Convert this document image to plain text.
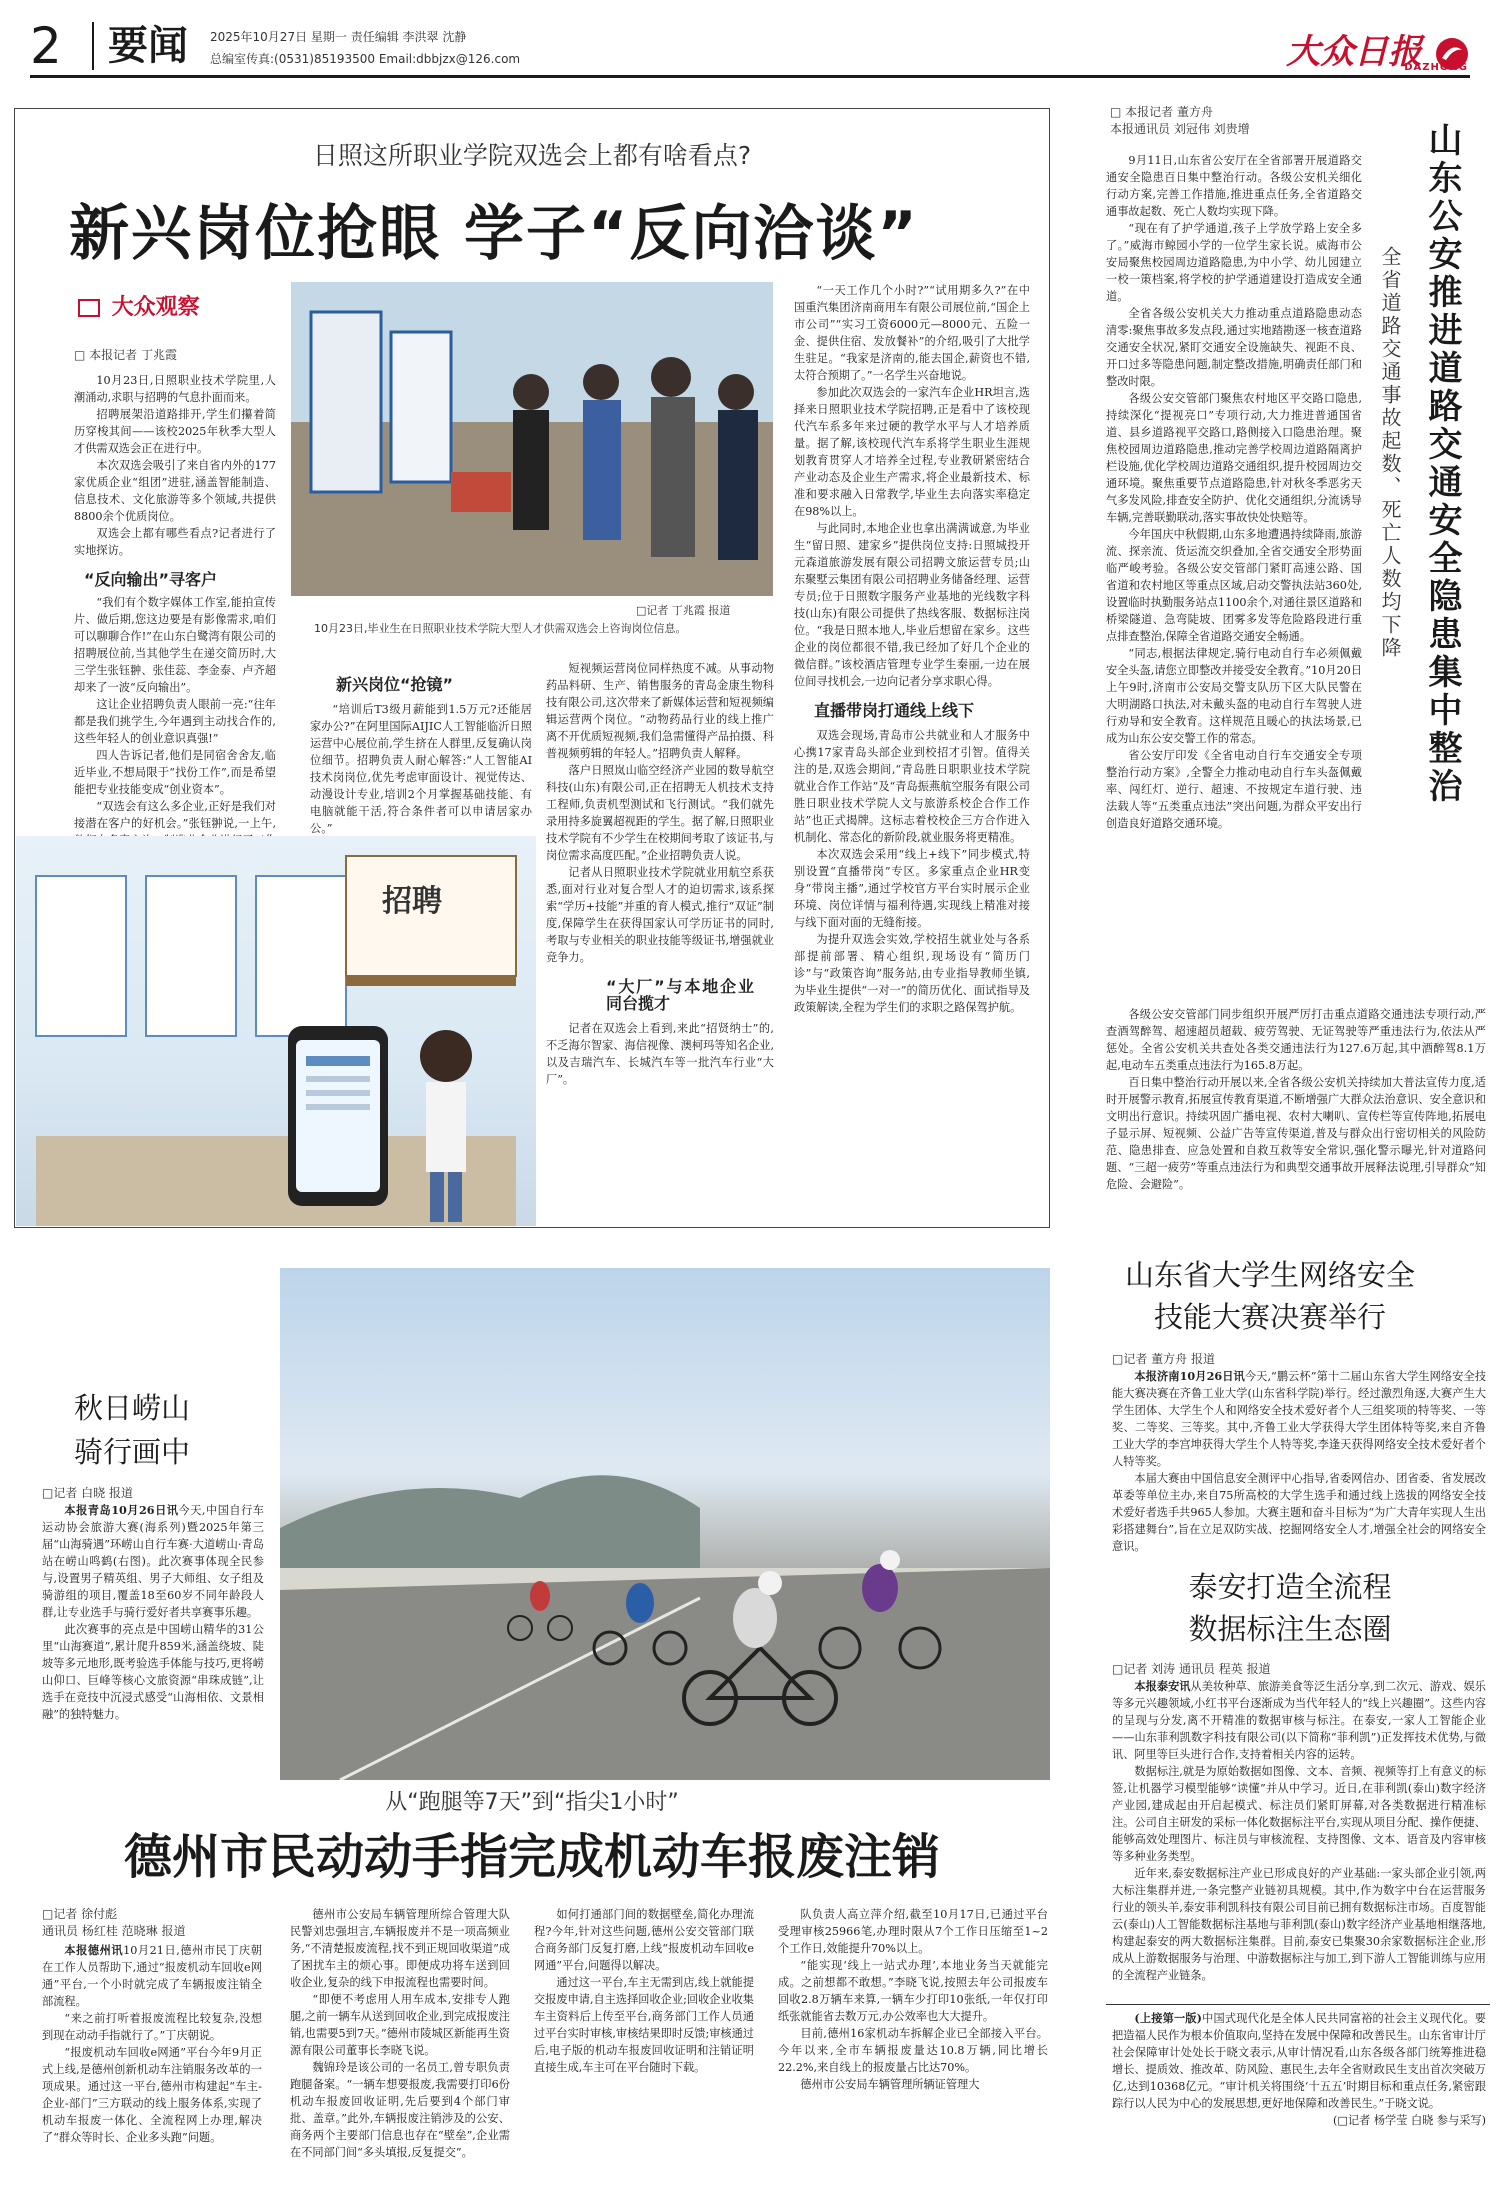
2	要闻 2025年10月27日 星期一 责任编辑 李洪翠 沈静
总编室传真:(0531)85193500 Email:dbbjzx@126.com	大众日报
DAZHONG
日照这所职业学院双选会上都有啥看点?
新兴岗位抢眼 学子“反向洽谈”
大众观察
□ 本报记者 丁兆霞

10月23日,日照职业技术学院里,人潮涌动,求职与招聘的气息扑面而来。

招聘展架沿道路排开,学生们攥着简历穿梭其间——该校2025年秋季大型人才供需双选会正在进行中。

本次双选会吸引了来自省内外的177家优质企业“组团”进驻,涵盖智能制造、信息技术、文化旅游等多个领域,共提供8800余个优质岗位。

双选会上都有哪些看点?记者进行了实地探访。

“反向输出”寻客户

“我们有个数字媒体工作室,能拍宣传片、做后期,您这边要是有影像需求,咱们可以聊聊合作!”在山东白鹭湾有限公司的招聘展位前,当其他学生在递交简历时,大三学生张钰翀、张佳蕊、李金泰、卢齐超却来了一波“反向输出”。

这让企业招聘负责人眼前一亮:“往年都是我们挑学生,今年遇到主动找合作的,这些年轻人的创业意识真强!”

四人告诉记者,他们是同宿舍舍友,临近毕业,不想局限于“找份工作”,而是希望能把专业技能变成“创业资本”。

“双选会有这么多企业,正好是我们对接潜在客户的好机会。”张钰翀说,一上午,

□记者 丁兆霞 报道
10月23日,毕业生在日照职业技术学院大型人才供需双选会上咨询岗位信息。
招聘
新兴岗位“抢镜”

“培训后T3级月薪能到1.5万元?还能居家办公?”在阿里国际AIJIC人工智能临沂日照运营中心展位前,学生挤在人群里,反复确认岗位细节。招聘负责人耐心解答:“人工智能AI技术岗岗位,优先考虑审面设计、视觉传达、动漫设计专业,培训2个月掌握基础技能、有电脑就能干活,符合条件者可以申请居家办公。”

短视频运营岗位同样热度不减。从事动物药品料研、生产、销售服务的青岛金康生物科技有限公司,这次带来了新媒体运营和短视频编辑运营两个岗位。“动物药品行业的线上推广离不开优质短视频,我们急需懂得产品拍摄、科普视频剪辑的年轻人。”招聘负责人解释。

落户日照岚山临空经济产业园的数导航空科技(山东)有限公司,正在招聘无人机技术支持工程师,负责机型测试和飞行测试。“我们就先录用持多旋翼超视距的学生。据了解,日照职业技术学院有不少学生在校期间考取了该证书,与岗位需求高度匹配。”企业招聘负责人说。

记者从日照职业技术学院就业用航空系获悉,面对行业对复合型人才的迫切需求,该系探索“学历+技能”并重的育人模式,推行“双证”制度,保障学生在获得国家认可学历证书的同时,考取与专业相关的职业技能等级证书,增强就业竞争力。

“大厂”与本地企业同台揽才

记者在双选会上看到,来此“招贤纳士”的,不乏海尔智家、海信视像、澳柯玛等知名企业,以及吉瑞汽车、长城汽车等一批汽车行业“大厂”。

“一天工作几个小时?”“试用期多久?”在中国重汽集团济南商用车有限公司展位前,“国企上市公司”“实习工资6000元—8000元、五险一金、提供住宿、发放餐补”的介绍,吸引了大批学生驻足。“我家是济南的,能去国企,薪资也不错,太符合预期了。”一名学生兴奋地说。

参加此次双选会的一家汽车企业HR坦言,选择来日照职业技术学院招聘,正是看中了该校现代汽车系多年来过硬的教学水平与人才培养质量。据了解,该校现代汽车系将学生职业生涯规划教育贯穿人才培养全过程,专业教研紧密结合产业动态及企业生产需求,将企业最新技术、标准和要求融入日常教学,毕业生去向落实率稳定在98%以上。

与此同时,本地企业也拿出满满诚意,为毕业生“留日照、建家乡”提供岗位支持:日照城投开元森道旅游发展有限公司招聘文旅运营专员;山东聚墅云集团有限公司招聘业务储备经理、运营专员;位于日照数字服务产业基地的光线数字科技(山东)有限公司提供了热线客服、数据标注岗位。“我是日照本地人,毕业后想留在家乡。这些企业的岗位都很不错,我已经加了好几个企业的微信群。”该校酒店管理专业学生秦丽,一边在展位间寻找机会,一边向记者分享求职心得。

直播带岗打通线上线下

双选会现场,青岛市公共就业和人才服务中心携17家青岛头部企业到校招才引智。值得关注的是,双选会期间,“青岛胜日职职业技术学院就业合作工作站”及“青岛振燕航空服务有限公司胜日职业技术学院人文与旅游系校企合作工作站”也正式揭牌。这标志着校校企三方合作进入机制化、常态化的新阶段,就业服务将更精准。

本次双选会采用“线上+线下”同步模式,特别设置“直播带岗”专区。多家重点企业HR变身“带岗主播”,通过学校官方平台实时展示企业环境、岗位详情与福利待遇,实现线上精准对接与线下面对面的无缝衔接。

为提升双选会实效,学校招生就业处与各系部提前部署、精心组织,现场设有“简历门诊”与“政策咨询”服务站,由专业指导教师坐镇,为毕业生提供“一对一”的简历优化、面试指导及政策解读,全程为学生们的求职之路保驾护航。

□ 本报记者 董方舟
本报通讯员 刘冠伟 刘贵增	山东公安推进道路交通安全隐患集中整治
全省道路交通事故起数、死亡人数均下降

9月11日,山东省公安厅在全省部署开展道路交通安全隐患百日集中整治行动。各级公安机关细化行动方案,完善工作措施,推进重点任务,全省道路交通事故起数、死亡人数均实现下降。

“现在有了护学通道,孩子上学放学路上安全多了。”威海市鲸园小学的一位学生家长说。威海市公安局聚焦校园周边道路隐患,为中小学、幼儿园建立一校一策档案,将学校的护学通道建设打造成安全通道。

全省各级公安机关大力推动重点道路隐患动态清零:聚焦事故多发点段,通过实地踏勘逐一核查道路交通安全状况,紧盯交通安全设施缺失、视距不良、开口过多等隐患问题,制定整改措施,明确责任部门和整改时限。

各级公安交管部门聚焦农村地区平交路口隐患,持续深化“提视亮口”专项行动,大力推进普通国省道、县乡道路视平交路口,路侧接入口隐患治理。聚焦校园周边道路隐患,推动完善学校周边道路隔离护栏设施,优化学校周边道路交通组织,提升校园周边交通环境。聚焦重要节点道路隐患,针对秋冬季恶劣天气多发风险,排查安全防护、优化交通组织,分流诱导车辆,完善联勤联动,落实事故快处快赔等。

今年国庆中秋假期,山东多地遭遇持续降雨,旅游流、探亲流、货运流交织叠加,全省交通安全形势面临严峻考验。各级公安交管部门紧盯高速公路、国省道和农村地区等重点区域,启动交警执法站360处,设置临时执勤服务站点1100余个,对通往景区道路和桥梁隧道、急弯陡坡、团雾多发等危险路段进行重点排查整治,保障全省道路交通安全畅通。

“同志,根据法律规定,骑行电动自行车必须佩戴安全头盔,请您立即整改并接受安全教育。”10月20日上午9时,济南市公安局交警支队历下区大队民警在大明湖路口执法,对未戴头盔的电动自行车驾驶人进行劝导和安全教育。这样规范且暖心的执法场景,已成为山东公安交警工作的常态。

省公安厅印发《全省电动自行车交通安全专项整治行动方案》,全警全力推动电动自行车头盔佩戴率、闯红灯、逆行、超速、不按规定车道行驶、违法载人等“五类重点违法”突出问题,为群众平安出行创造良好道路交通环境。

各级公安交管部门同步组织开展严厉打击重点道路交通违法专项行动,严查酒驾醉驾、超速超员超载、疲劳驾驶、无证驾驶等严重违法行为,依法从严惩处。全省公安机关共查处各类交通违法行为127.6万起,其中酒醉驾8.1万起,电动车五类重点违法行为165.8万起。

百日集中整治行动开展以来,全省各级公安机关持续加大普法宣传力度,适时开展警示教育,拓展宣传教育渠道,不断增强广大群众法治意识、安全意识和文明出行意识。持续巩固广播电视、农村大喇叭、宣传栏等宣传阵地,拓展电子显示屏、短视频、公益广告等宣传渠道,普及与群众出行密切相关的风险防范、隐患排查、应急处置和自救互救等安全常识,强化警示曝光,针对道路问题、“三超一疲劳”等重点违法行为和典型交通事故开展释法说理,引导群众“知危险、会避险”。

山东省大学生网络安全
技能大赛决赛举行
□记者 董方舟 报道

本报济南10月26日讯今天,“鹏云杯”第十二届山东省大学生网络安全技能大赛决赛在齐鲁工业大学(山东省科学院)举行。经过激烈角逐,大赛产生大学生团体、大学生个人和网络安全技术爱好者个人三组奖项的特等奖、一等奖、二等奖、三等奖。其中,齐鲁工业大学获得大学生团体特等奖,来自齐鲁工业大学的李宫坤获得大学生个人特等奖,李逢天获得网络安全技术爱好者个人特等奖。

本届大赛由中国信息安全测评中心指导,省委网信办、团省委、省发展改革委等单位主办,来自75所高校的大学生选手和通过线上选拔的网络安全技术爱好者选手共965人参加。大赛主题和奋斗目标为“为广大青年实现人生出彩搭建舞台”,旨在立足双防实战、挖掘网络安全人才,增强全社会的网络安全意识。

泰安打造全流程
数据标注生态圈
□记者 刘涛 通讯员 程英 报道

本报泰安讯从美妆种草、旅游美食等泛生活分享,到二次元、游戏、娱乐等多元兴趣领域,小红书平台逐渐成为当代年轻人的“线上兴趣圈”。这些内容的呈现与分发,离不开精准的数据审核与标注。在泰安,一家人工智能企业——山东菲利凯数字科技有限公司(以下简称“菲利凯”)正发挥技术优势,与微讯、阿里等巨头进行合作,支持着相关内容的运转。

数据标注,就是为原始数据如图像、文本、音频、视频等打上有意义的标签,让机器学习模型能够“读懂”并从中学习。近日,在菲利凯(泰山)数字经济产业园,建成起由开启起模式、标注员们紧盯屏幕,对各类数据进行精准标注。公司自主研发的采标一体化数据标注平台,实现从项目分配、操作便捷、能够高效处理图片、标注员与审核流程、支持图像、文本、语音及内容审核等多种业务类型。

近年来,泰安数据标注产业已形成良好的产业基础:一家头部企业引领,两大标注集群并进,一条完整产业链初具规模。其中,作为数字中台在运营服务行业的领头羊,泰安菲利凯科技有限公司目前已拥有数据标注市场。百度智能云(泰山)人工智能数据标注基地与菲利凯(泰山)数字经济产业基地相继落地,构建起泰安的两大数据标注集群。目前,泰安已集聚30余家数据标注企业,形成从上游数据服务与治理、中游数据标注与加工,到下游人工智能训练与应用的全流程产业链条。

秋日崂山
骑行画中
□记者 白晓 报道

本报青岛10月26日讯今天,中国自行车运动协会旅游大赛(海系列)暨2025年第三届“山海骑遇”环崂山自行车赛·大道崂山·青岛站在崂山鸣鹤(右图)。此次赛事体现全民参与,设置男子精英组、男子大师组、女子组及骑游组的项目,覆盖18至60岁不同年龄段人群,让专业选手与骑行爱好者共享赛事乐趣。

此次赛事的亮点是中国崂山精华的31公里“山海赛道”,累计爬升859米,涵盖绕坡、陡坡等多元地形,既考验选手体能与技巧,更将崂山仰口、巨峰等核心文旅资源“串珠成链”,让选手在竞技中沉浸式感受“山海相依、文景相融”的独特魅力。

从“跑腿等7天”到“指尖1小时”
德州市民动动手指完成机动车报废注销
□记者 徐付彪
通讯员 杨红桂 范晓琳 报道

本报德州讯10月21日,德州市民丁庆朝在工作人员帮助下,通过“报废机动车回收e网通”平台,一个小时就完成了车辆报废注销全部流程。

“来之前打听着报废流程比较复杂,没想到现在动动手指就行了。”丁庆朝说。

“报废机动车回收e网通”平台今年9月正式上线,是德州创新机动车注销服务改革的一项成果。通过这一平台,德州市构建起“车主-企业-部门”三方联动的线上服务体系,实现了机动车报废一体化、全流程网上办理,解决了“群众等时长、企业多头跑”问题。

德州市公安局车辆管理所综合管理大队民警刘忠强坦言,车辆报废并不是一项高频业务,“不清楚报废流程,找不到正规回收渠道”成了困扰车主的烦心事。即便成功将车送到回收企业,复杂的线下申报流程也需要时间。

“即便不考虑用人用车成本,安排专人跑腿,之前一辆车从送到回收企业,到完成报废注销,也需要5到7天。”德州市陵城区新能再生资源有限公司董事长李晓飞说。

魏锦玲是该公司的一名员工,曾专职负责跑腿备案。“一辆车想要报废,我需要打印6份机动车报废回收证明,先后要到4个部门审批、盖章。”此外,车辆报废注销涉及的公安、商务两个主要部门信息也存在“壁垒”,企业需在不同部门间“多头填报,反复提交”。

如何打通部门间的数据壁垒,简化办理流程?今年,针对这些问题,德州公安交管部门联合商务部门反复打磨,上线“报废机动车回收e网通”平台,问题得以解决。

通过这一平台,车主无需到店,线上就能提交报废申请,自主选择回收企业;回收企业收集车主资料后上传至平台,商务部门工作人员通过平台实时审核,审核结果即时反馈;审核通过后,电子版的机动车报废回收证明和注销证明直接生成,车主可在平台随时下载。

队负责人高立萍介绍,截至10月17日,已通过平台受理审核25966笔,办理时限从7个工作日压缩至1~2个工作日,效能提升70%以上。

“能实现‘线上一站式办理’,本地业务当天就能完成。之前想都不敢想。”李晓飞说,按照去年公司报废车回收2.8万辆车来算,一辆车少打印10张纸,一年仅打印纸张就能省去数万元,办公效率也大大提升。

目前,德州16家机动车拆解企业已全部接入平台。今年以来,全市车辆报废量达10.8万辆,同比增长22.2%,来自线上的报废量占比达70%。

德州市公安局车辆管理所辆证管理大

(上接第一版)中国式现代化是全体人民共同富裕的社会主义现代化。要把造福人民作为根本价值取向,坚持在发展中保障和改善民生。山东省审计厅社会保障审计处处长于晓文表示,从审计情况看,山东各级各部门统筹推进稳增长、提质效、推改革、防风险、惠民生,去年全省财政民生支出首次突破万亿,达到10368亿元。“审计机关将围绕‘十五五’时期目标和重点任务,紧密跟踪行以人民为中心的发展思想,更好地保障和改善民生。”于晓文说。

(□记者 杨学莹 白晓 参与采写)
